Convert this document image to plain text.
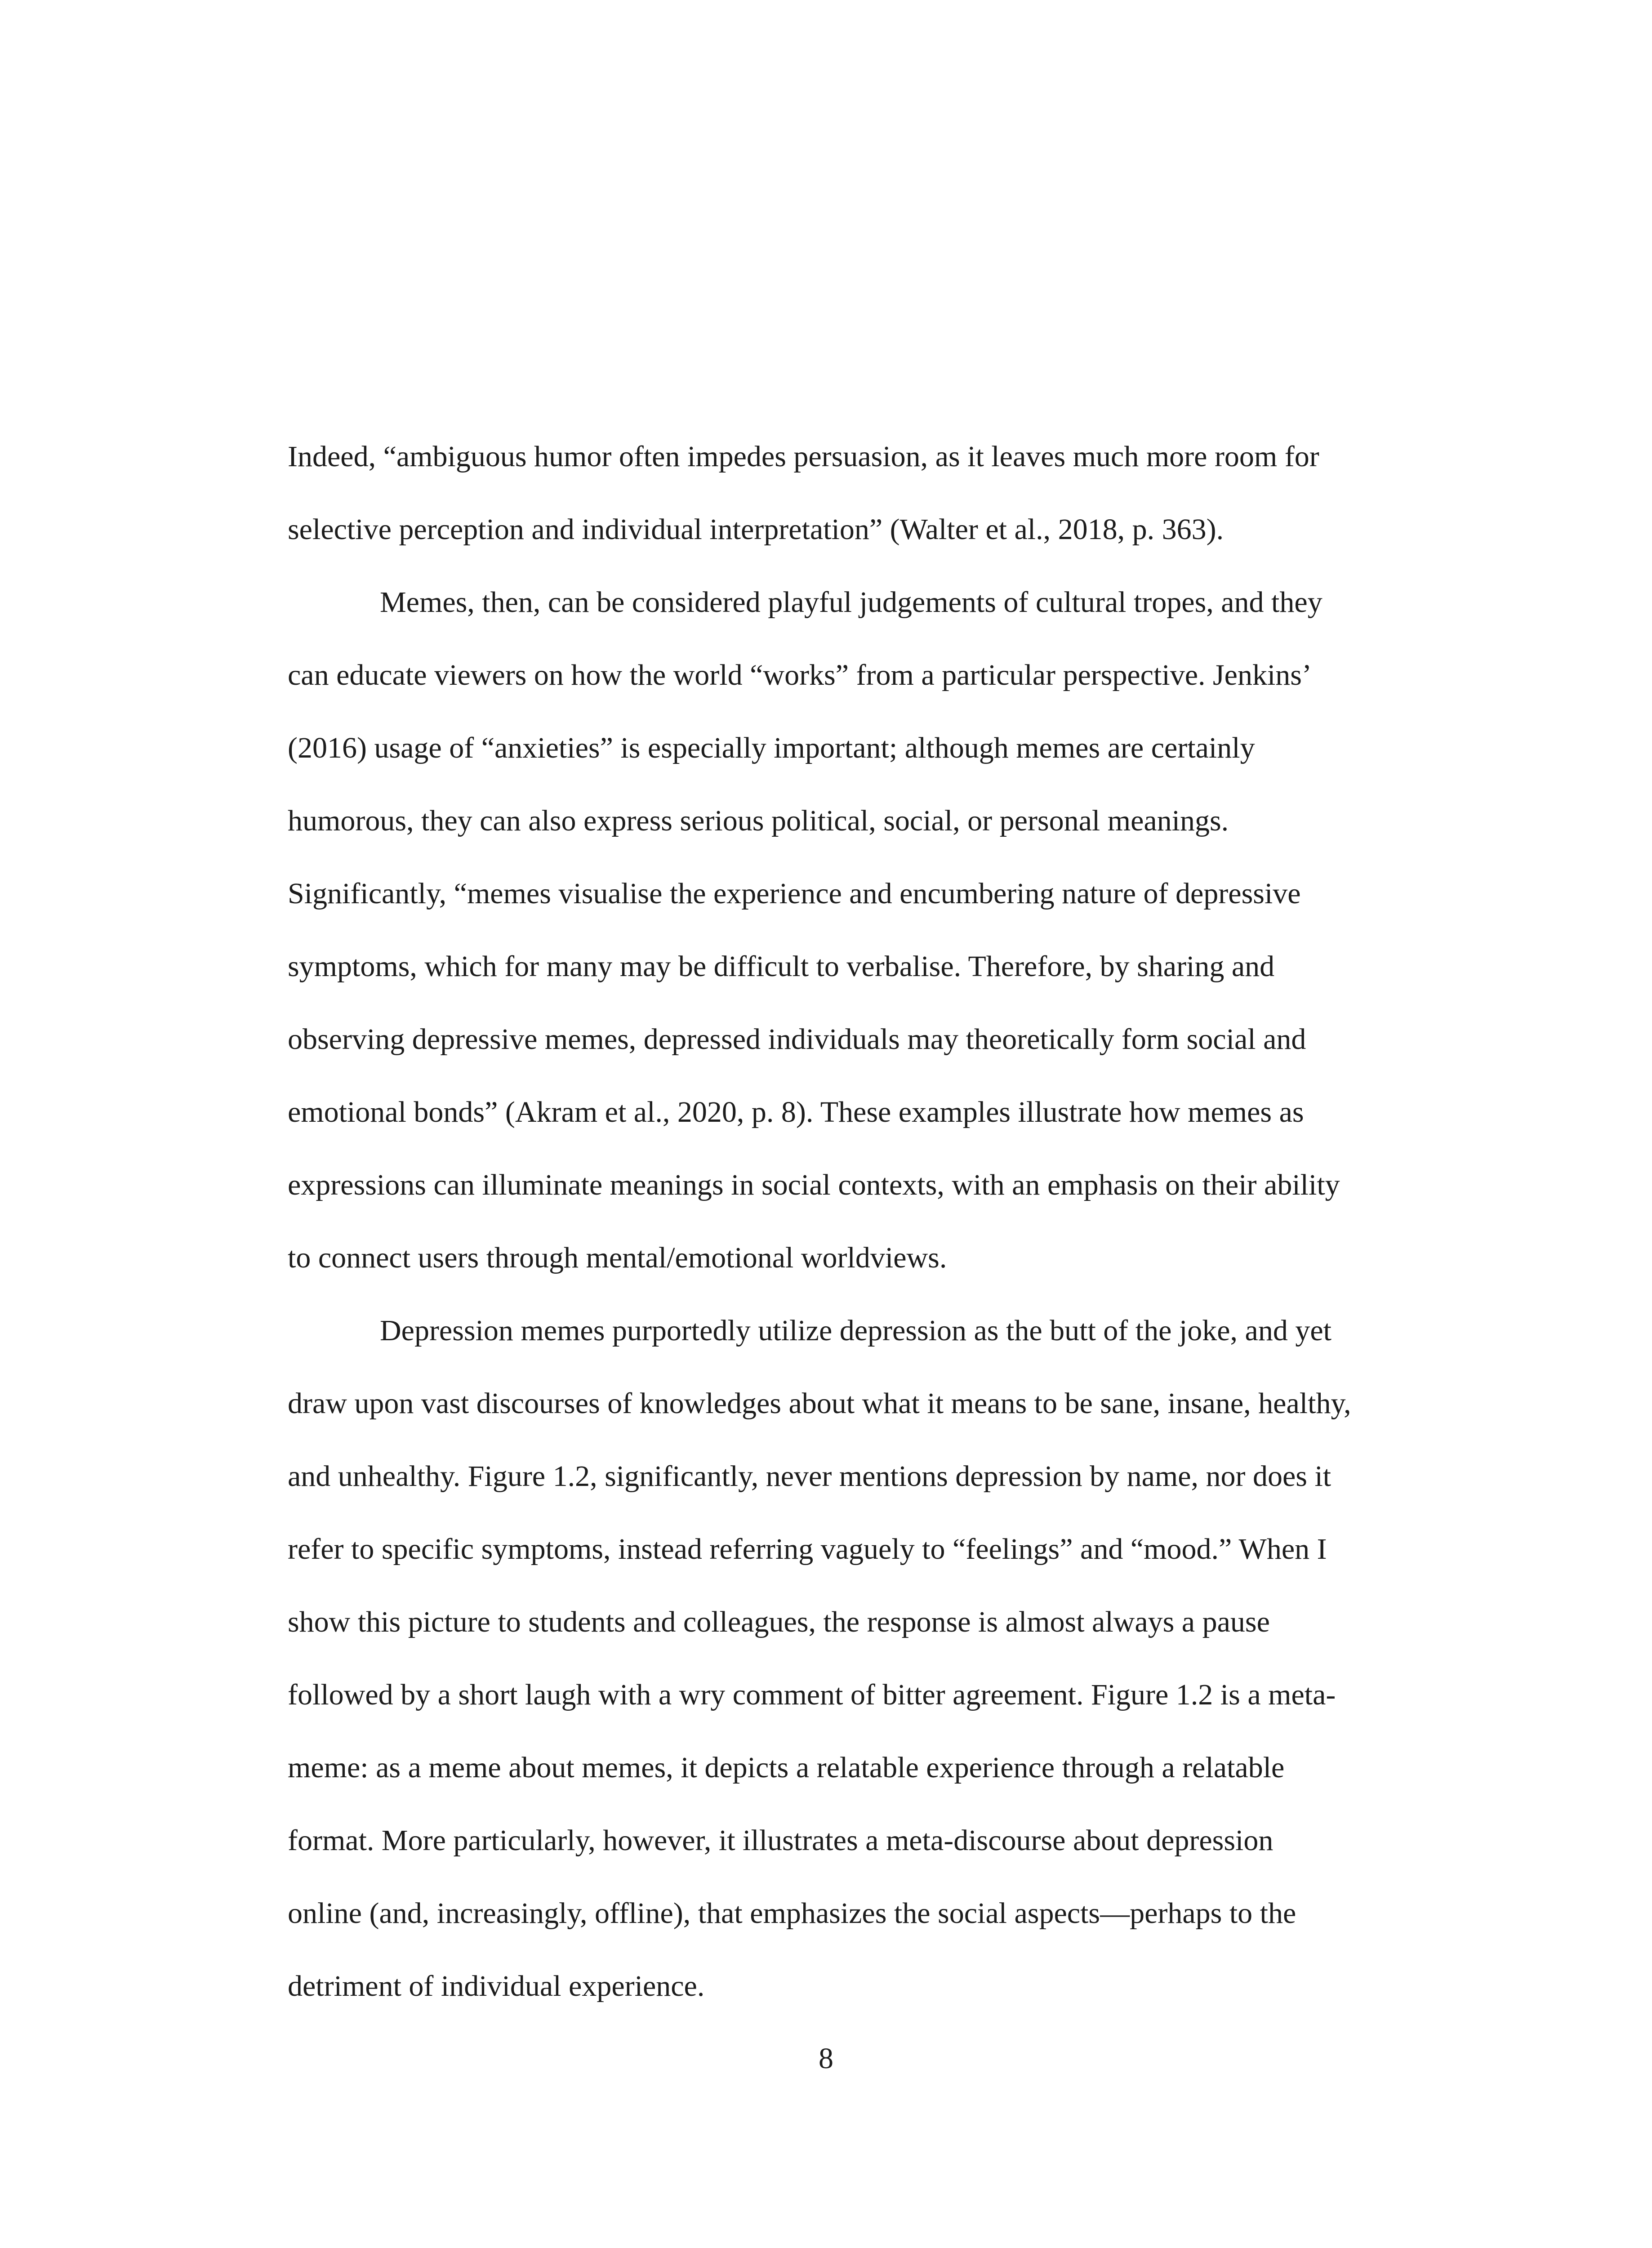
Indeed, “ambiguous humor often impedes persuasion, as it leaves much more room for
selective perception and individual interpretation” (Walter et al., 2018, p. 363).
Memes, then, can be considered playful judgements of cultural tropes, and they
can educate viewers on how the world “works” from a particular perspective. Jenkins’
(2016) usage of “anxieties” is especially important; although memes are certainly
humorous, they can also express serious political, social, or personal meanings.
Significantly, “memes visualise the experience and encumbering nature of depressive
symptoms, which for many may be difficult to verbalise. Therefore, by sharing and
observing depressive memes, depressed individuals may theoretically form social and
emotional bonds” (Akram et al., 2020, p. 8). These examples illustrate how memes as
expressions can illuminate meanings in social contexts, with an emphasis on their ability
to connect users through mental/emotional worldviews.
Depression memes purportedly utilize depression as the butt of the joke, and yet
draw upon vast discourses of knowledges about what it means to be sane, insane, healthy,
and unhealthy. Figure 1.2, significantly, never mentions depression by name, nor does it
refer to specific symptoms, instead referring vaguely to “feelings” and “mood.” When I
show this picture to students and colleagues, the response is almost always a pause
followed by a short laugh with a wry comment of bitter agreement. Figure 1.2 is a meta-
meme: as a meme about memes, it depicts a relatable experience through a relatable
format. More particularly, however, it illustrates a meta-discourse about depression
online (and, increasingly, offline), that emphasizes the social aspects—perhaps to the
detriment of individual experience.
8
